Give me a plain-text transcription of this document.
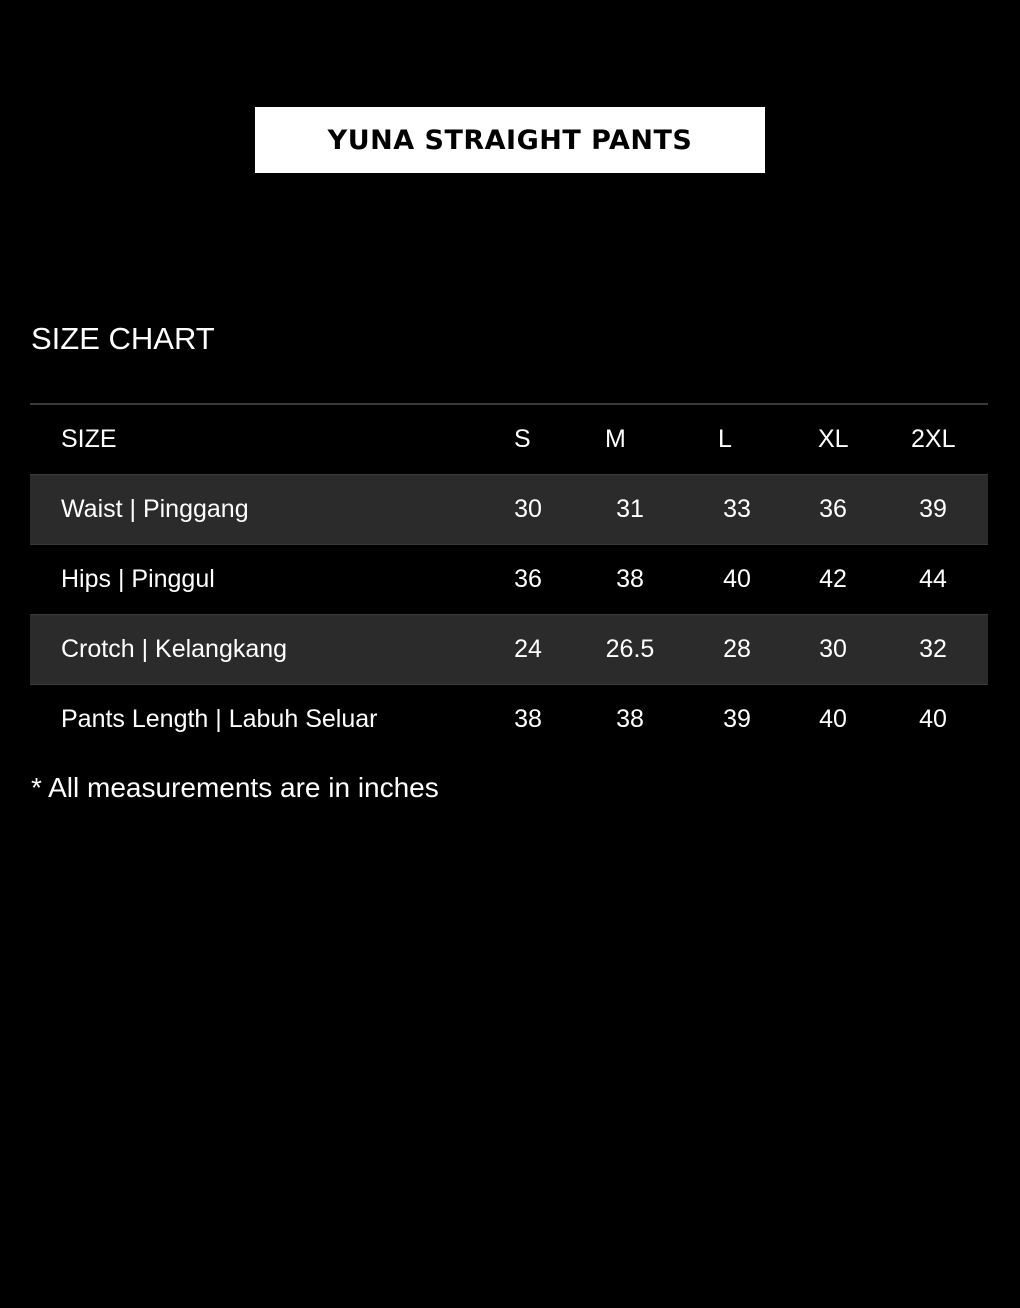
YUNA STRAIGHT PANTS
SIZE CHART
SIZE	S	M	L	XL	2XL
Waist | Pinggang	30	31	33	36	39
Hips | Pinggul	36	38	40	42	44
Crotch | Kelangkang	24	26.5	28	30	32
Pants Length | Labuh Seluar	38	38	39	40	40
* All measurements are in inches
